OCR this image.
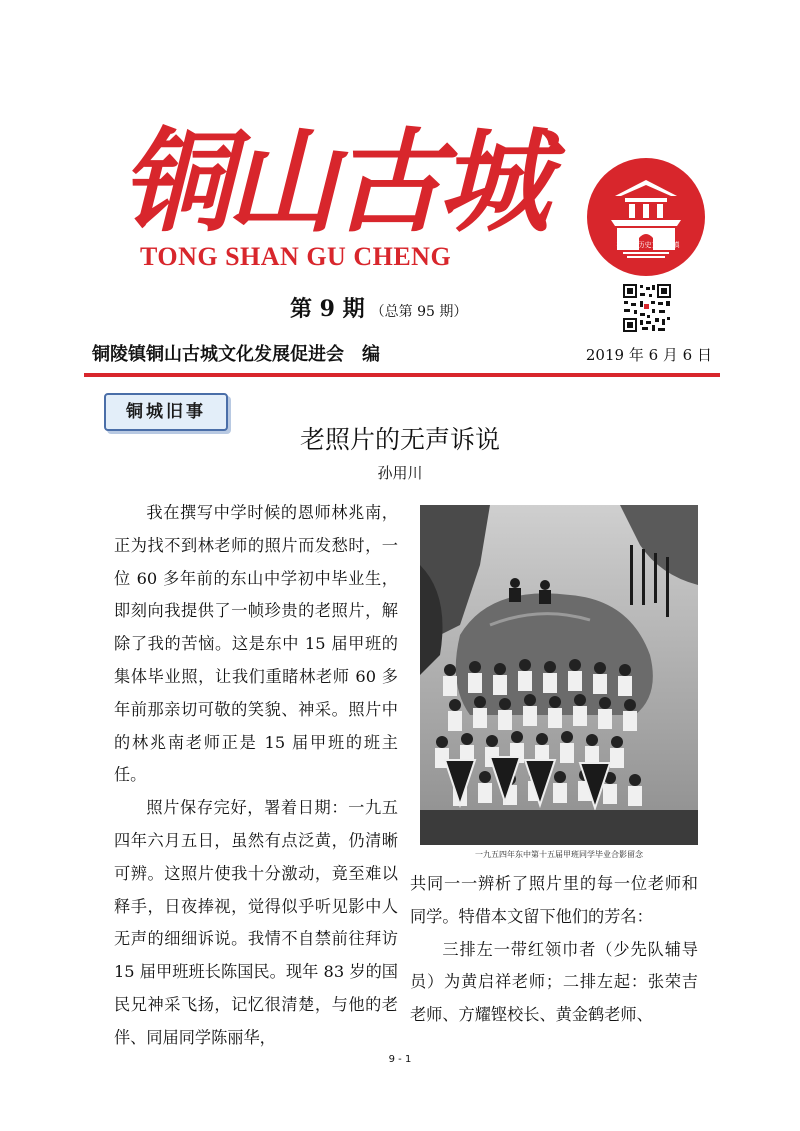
铜山古城
TONG SHAN GU CHENG
第 9 期 （总第 95 期）
福建省历史文化名镇
铜陵镇铜山古城文化发展促进会　编	2019 年 6 月 6 日
铜城旧事
老照片的无声诉说
孙用川

我在撰写中学时候的恩师林兆南，正为找不到林老师的照片而发愁时，一位 60 多年前的东山中学初中毕业生，即刻向我提供了一帧珍贵的老照片，解除了我的苦恼。这是东中 15 届甲班的集体毕业照，让我们重睹林老师 60 多年前那亲切可敬的笑貌、神采。照片中的林兆南老师正是 15 届甲班的班主任。

照片保存完好，署着日期：一九五四年六月五日，虽然有点泛黄，仍清晰可辨。这照片使我十分激动，竟至难以释手，日夜捧视，觉得似乎听见影中人无声的细细诉说。我情不自禁前往拜访 15 届甲班班长陈国民。现年 83 岁的国民兄神采飞扬，记忆很清楚，与他的老伴、同届同学陈丽华，

一九五四年东中第十五届甲班同学毕业合影留念

共同一一辨析了照片里的每一位老师和同学。特借本文留下他们的芳名：

三排左一带红领巾者（少先队辅导员）为黄启祥老师；二排左起：张荣吉老师、方耀铿校长、黄金鹤老师、

9 - 1
